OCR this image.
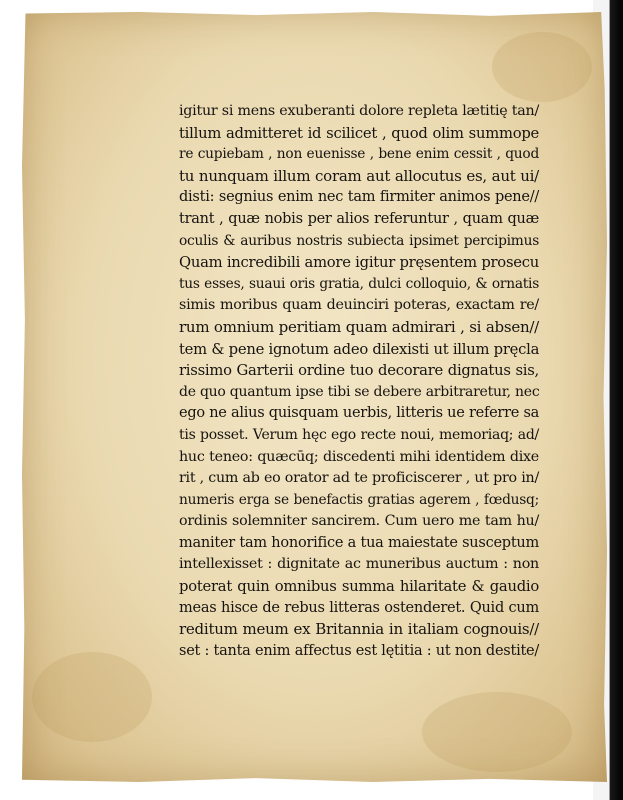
igitur si mens exuberanti dolore repleta lætitię tan/
tillum admitteret id scilicet , quod olim summope
re cupiebam , non euenisse , bene enim cessit , quod
tu nunquam illum coram aut allocutus es, aut ui/
disti: segnius enim nec tam firmiter animos pene//
trant , quæ nobis per alios referuntur , quam quæ
oculis & auribus nostris subiecta ipsimet percipimus
Quam incredibili amore igitur pręsentem prosecu
tus esses, suaui oris gratia, dulci colloquio, & ornatis
simis moribus quam deuinciri poteras, exactam re/
rum omnium peritiam quam admirari , si absen//
tem & pene ignotum adeo dilexisti ut illum pręcla
rissimo Garterii ordine tuo decorare dignatus sis,
de quo quantum ipse tibi se debere arbitraretur, nec
ego ne alius quisquam uerbis, litteris ue referre sa
tis posset. Verum hęc ego recte noui, memoriaq; ad/
huc teneo: quæcūq; discedenti mihi identidem dixe
rit , cum ab eo orator ad te proficiscerer , ut pro in/
numeris erga se benefactis gratias agerem , fœdusq;
ordinis solemniter sancirem. Cum uero me tam hu/
maniter tam honorifice a tua maiestate susceptum
intellexisset : dignitate ac muneribus auctum : non
poterat quin omnibus summa hilaritate & gaudio
meas hisce de rebus litteras ostenderet. Quid cum
reditum meum ex Britannia in italiam cognouis//
set : tanta enim affectus est lętitia : ut non destite/
